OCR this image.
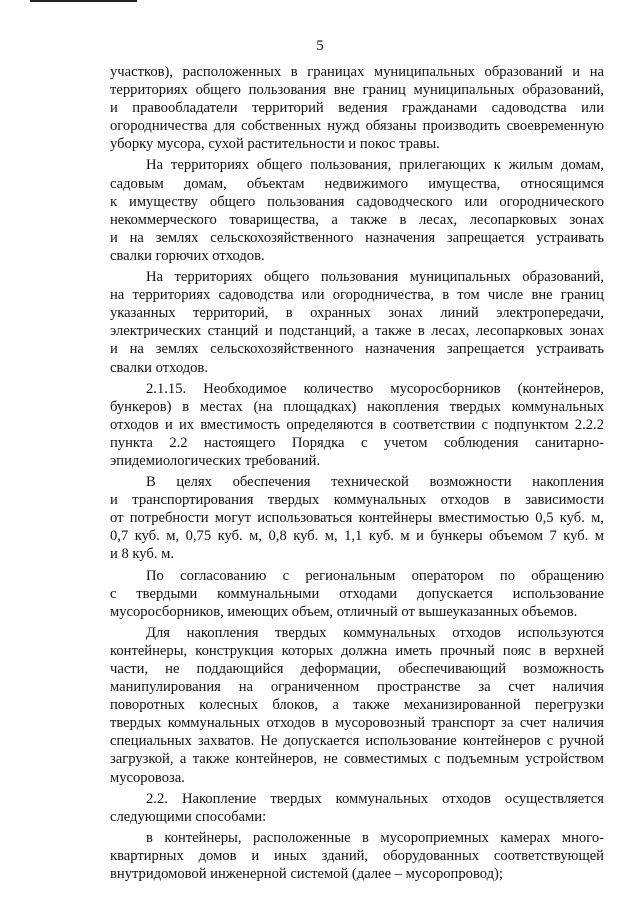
5

участков), расположенных в границах муниципальных образований и на
территориях общего пользования вне границ муниципальных образований,
и правообладатели территорий ведения гражданами садоводства или
огородничества для собственных нужд обязаны производить своевременную
уборку мусора, сухой растительности и покос травы.

На территориях общего пользования, прилегающих к жилым домам,
садовым домам, объектам недвижимого имущества, относящимся
к имуществу общего пользования садоводческого или огороднического
некоммерческого товарищества, а также в лесах, лесопарковых зонах
и на землях сельскохозяйственного назначения запрещается устраивать
свалки горючих отходов.

На территориях общего пользования муниципальных образований,
на территориях садоводства или огородничества, в том числе вне границ
указанных территорий, в охранных зонах линий электропередачи,
электрических станций и подстанций, а также в лесах, лесопарковых зонах
и на землях сельскохозяйственного назначения запрещается устраивать
свалки отходов.

2.1.15. Необходимое количество мусоросборников (контейнеров,
бункеров) в местах (на площадках) накопления твердых коммунальных
отходов и их вместимость определяются в соответствии с подпунктом 2.2.2
пункта 2.2 настоящего Порядка с учетом соблюдения санитарно-
эпидемиологических требований.

В целях обеспечения технической возможности накопления
и транспортирования твердых коммунальных отходов в зависимости
от потребности могут использоваться контейнеры вместимостью 0,5 куб. м,
0,7 куб. м, 0,75 куб. м, 0,8 куб. м, 1,1 куб. м и бункеры объемом 7 куб. м
и 8 куб. м.

По согласованию с региональным оператором по обращению
с твердыми коммунальными отходами допускается использование
мусоросборников, имеющих объем, отличный от вышеуказанных объемов.

Для накопления твердых коммунальных отходов используются
контейнеры, конструкция которых должна иметь прочный пояс в верхней
части, не поддающийся деформации, обеспечивающий возможность
манипулирования на ограниченном пространстве за счет наличия
поворотных колесных блоков, а также механизированной перегрузки
твердых коммунальных отходов в мусоровозный транспорт за счет наличия
специальных захватов. Не допускается использование контейнеров с ручной
загрузкой, а также контейнеров, не совместимых с подъемным устройством
мусоровоза.

2.2. Накопление твердых коммунальных отходов осуществляется
следующими способами:

в контейнеры, расположенные в мусороприемных камерах много-
квартирных домов и иных зданий, оборудованных соответствующей
внутридомовой инженерной системой (далее – мусоропровод);
